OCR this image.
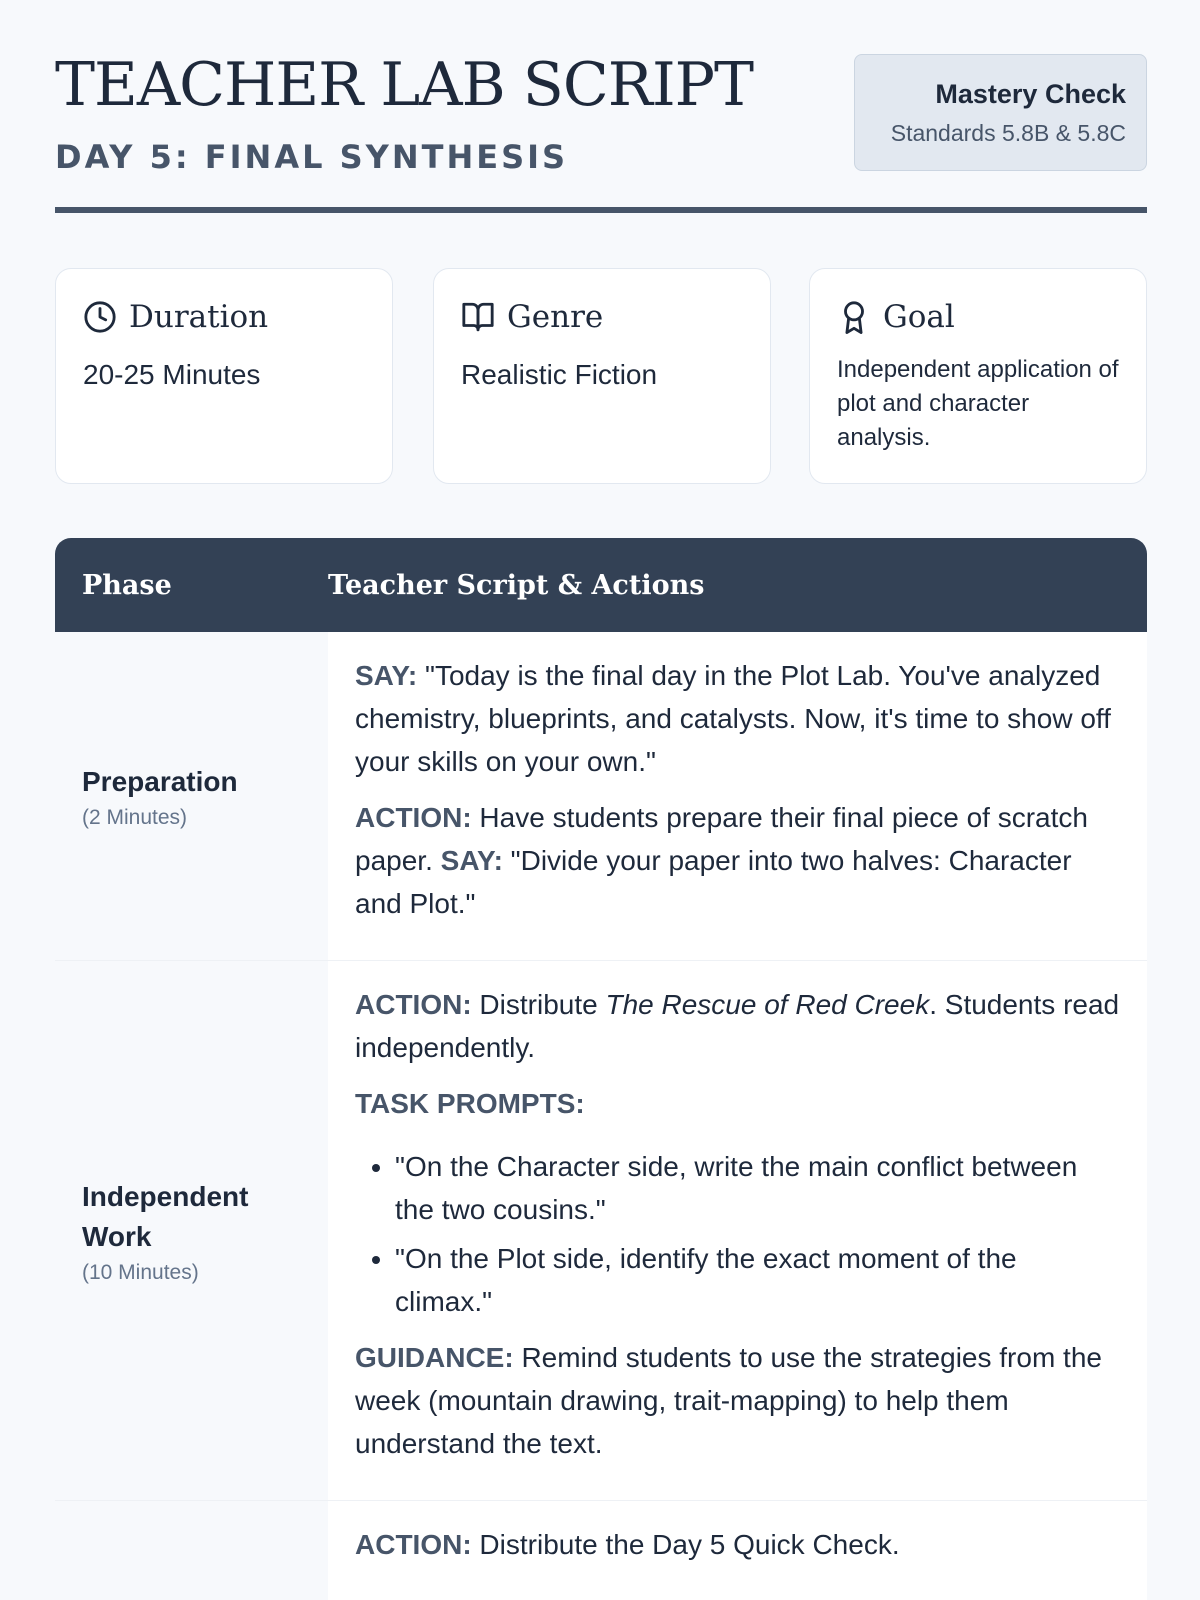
TEACHER LAB SCRIPT
DAY 5: FINAL SYNTHESIS
Mastery Check
Standards 5.8B & 5.8C
Duration
20-25 Minutes
Genre
Realistic Fiction
Goal
Independent application of plot and character analysis.
Phase	Teacher Script & Actions
Preparation
(2 Minutes)

SAY: "Today is the final day in the Plot Lab. You've analyzed chemistry, blueprints, and catalysts. Now, it's time to show off your skills on your own."

ACTION: Have students prepare their final piece of scratch paper. SAY: "Divide your paper into two halves: Character and Plot."

Independent Work
(10 Minutes)

ACTION: Distribute The Rescue of Red Creek. Students read independently.

TASK PROMPTS:

• "On the Character side, write the main conflict between the two cousins."
• "On the Plot side, identify the exact moment of the climax."

GUIDANCE: Remind students to use the strategies from the week (mountain drawing, trait-mapping) to help them understand the text.

ACTION: Distribute the Day 5 Quick Check.
